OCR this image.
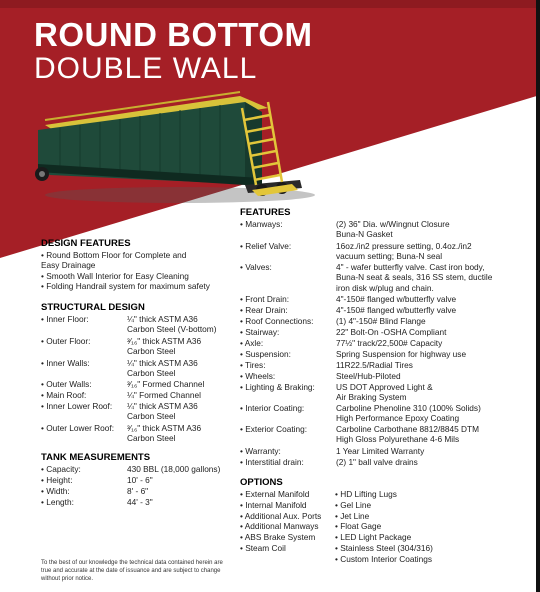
ROUND BOTTOM
DOUBLE WALL
DESIGN FEATURES
• Round Bottom Floor for Complete and
Easy Drainage
• Smooth Wall Interior for Easy Cleaning
• Folding Handrail system for maximum safety
STRUCTURAL DESIGN
• Inner Floor:	¼" thick ASTM A36
Carbon Steel (V-bottom)
• Outer Floor:	³⁄₁₆" thick ASTM A36
Carbon Steel
• Inner Walls:	¼" thick ASTM A36
Carbon Steel
• Outer Walls:	³⁄₁₆" Formed Channel
• Main Roof:	¼" Formed Channel
• Inner Lower Roof: ¼" thick ASTM A36
Carbon Steel
• Outer Lower Roof: ³⁄₁₆" thick ASTM A36
Carbon Steel
TANK MEASUREMENTS
• Capacity:	430 BBL (18,000 gallons)
• Height:	10' - 6"
• Width:	8' - 6"
• Length:	44' - 3"
To the best of our knowledge the technical data contained herein are true and accurate at the date of issuance and are subject to change without prior notice.
FEATURES
• Manways:	(2) 36" Dia. w/Wingnut Closure
Buna-N Gasket
• Relief Valve:	16oz./in2 pressure setting, 0.4oz./in2
vacuum setting; Buna-N seal
• Valves:	4" - wafer butterfly valve. Cast iron body,
Buna-N seat & seals, 316 SS stem, ductile
iron disk w/plug and chain.
• Front Drain:	4"-150# flanged w/butterfly valve
• Rear Drain:	4"-150# flanged w/butterfly valve
• Roof Connections:	(1) 4"-150# Blind Flange
• Stairway:	22" Bolt-On -OSHA Compliant
• Axle:	77½" track/22,500# Capacity
• Suspension:	Spring Suspension for highway use
• Tires:	11R22.5/Radial Tires
• Wheels:	Steel/Hub-Piloted
• Lighting & Braking:	US DOT Approved Light &
Air Braking System
• Interior Coating:	Carboline Phenoline 310 (100% Solids)
High Performance Epoxy Coating
• Exterior Coating:	Carboline Carbothane 8812/8845 DTM
High Gloss Polyurethane 4-6 Mils
• Warranty:	1 Year Limited Warranty
• Interstitial drain:	(2) 1" ball valve drains
OPTIONS
• External Manifold
• Internal Manifold
• Additional Aux. Ports
• Additional Manways
• ABS Brake System
• Steam Coil
• HD Lifting Lugs
• Gel Line
• Jet Line
• Float Gage
• LED Light Package
• Stainless Steel (304/316)
• Custom Interior Coatings
